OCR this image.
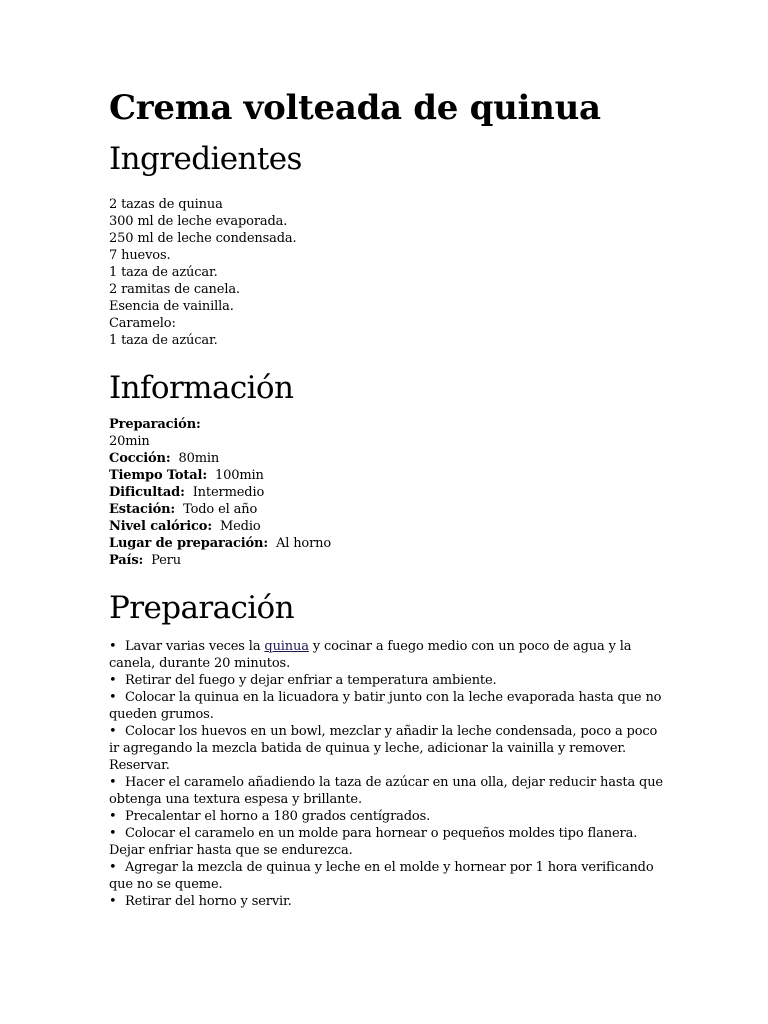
Crema volteada de quinua
Ingredientes
2 tazas de quinua
300 ml de leche evaporada.
250 ml de leche condensada.
7 huevos.
1 taza de azúcar.
2 ramitas de canela.
Esencia de vainilla.
Caramelo:
1 taza de azúcar.
Información
Preparación:
20min
Cocción: 80min
Tiempo Total: 100min
Dificultad: Intermedio
Estación: Todo el año
Nivel calórico: Medio
Lugar de preparación: Al horno
País: Peru
Preparación
• Lavar varias veces la quinua y cocinar a fuego medio con un poco de agua y la canela, durante 20 minutos.
• Retirar del fuego y dejar enfriar a temperatura ambiente.
• Colocar la quinua en la licuadora y batir junto con la leche evaporada hasta que no queden grumos.
• Colocar los huevos en un bowl, mezclar y añadir la leche condensada, poco a poco ir agregando la mezcla batida de quinua y leche, adicionar la vainilla y remover. Reservar.
• Hacer el caramelo añadiendo la taza de azúcar en una olla, dejar reducir hasta que obtenga una textura espesa y brillante.
• Precalentar el horno a 180 grados centígrados.
• Colocar el caramelo en un molde para hornear o pequeños moldes tipo flanera. Dejar enfriar hasta que se endurezca.
• Agregar la mezcla de quinua y leche en el molde y hornear por 1 hora verificando que no se queme.
• Retirar del horno y servir.
